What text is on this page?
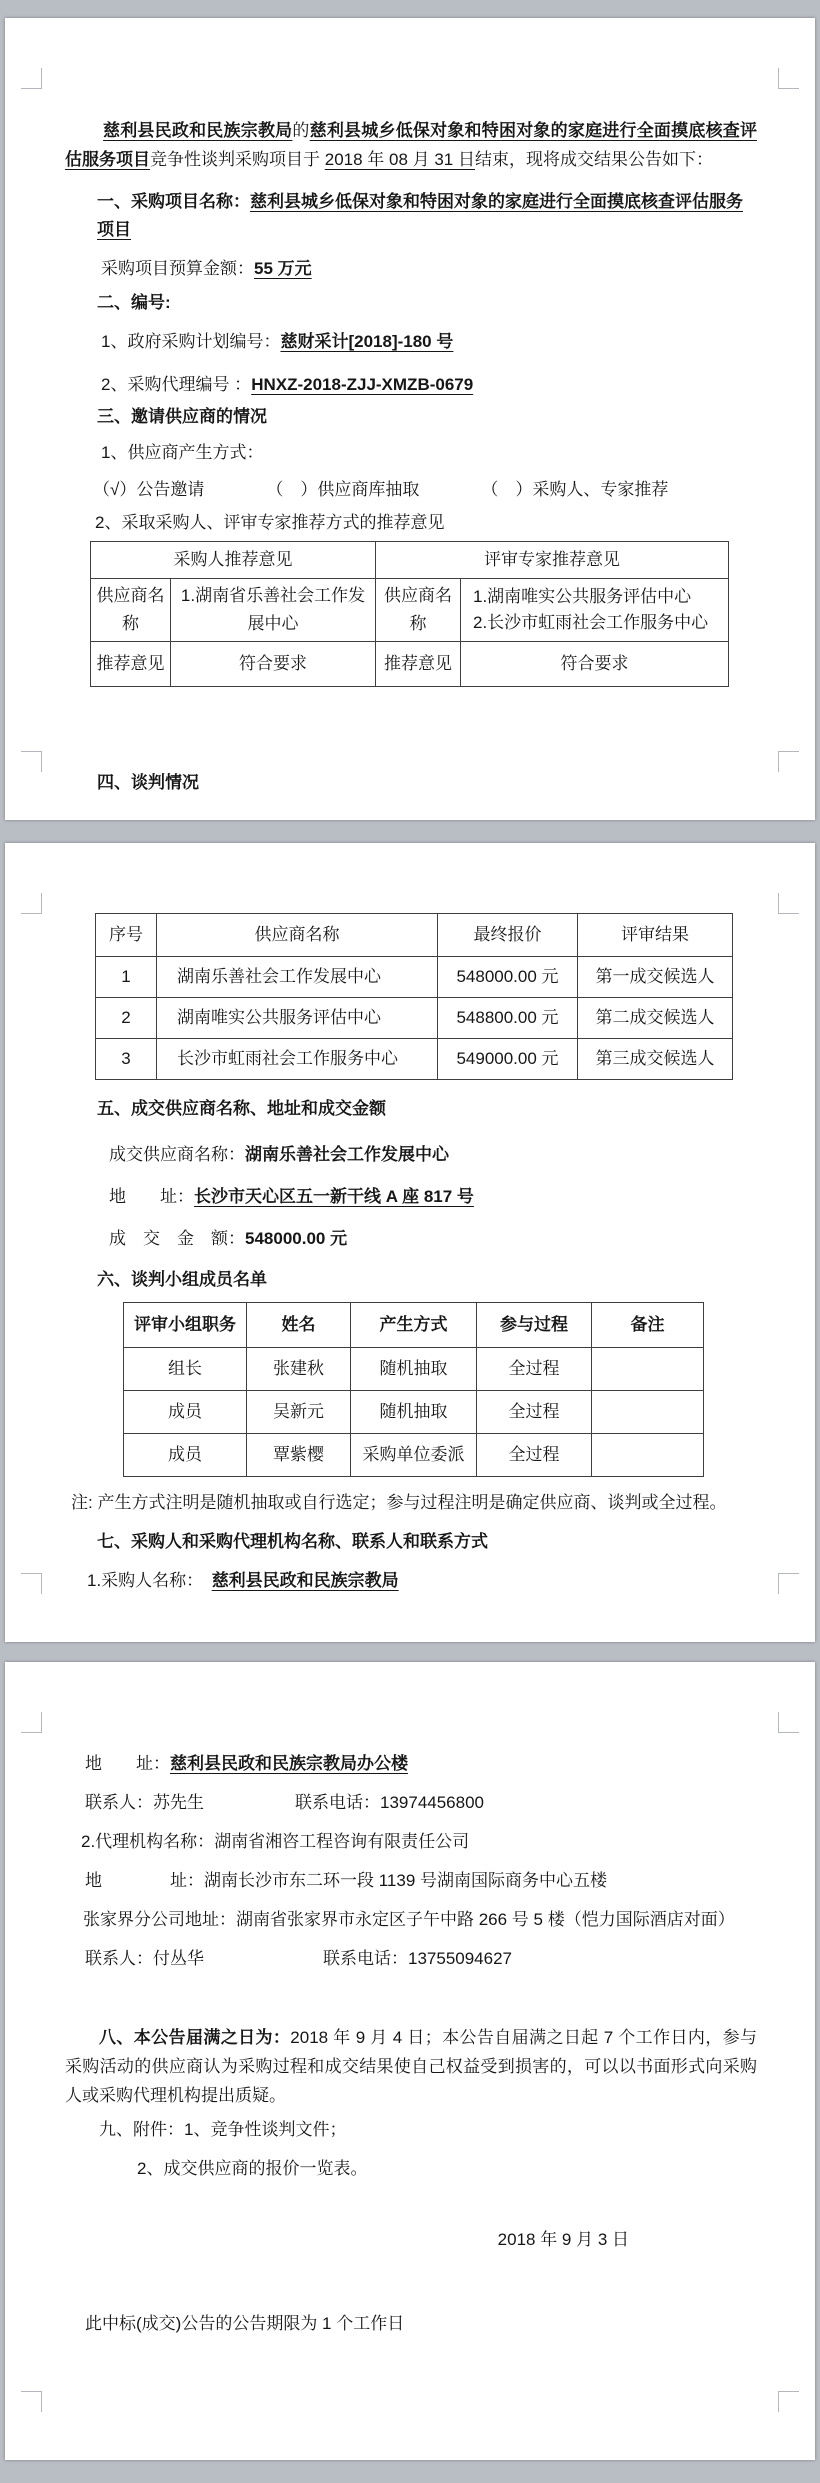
慈利县民政和民族宗教局的慈利县城乡低保对象和特困对象的家庭进行全面摸底核查评估服务项目竞争性谈判采购项目于 2018 年 08 月 31 日结束，现将成交结果公告如下：

一、采购项目名称：慈利县城乡低保对象和特困对象的家庭进行全面摸底核查评估服务项目

采购项目预算金额：55 万元

二、编号:

1、政府采购计划编号：慈财采计[2018]-180 号

2、采购代理编号 ：HNXZ-2018-ZJJ-XMZB-0679

三、邀请供应商的情况

1、供应商产生方式：

（√）公告邀请	（　）供应商库抽取	（　）采购人、专家推荐

2、采取采购人、评审专家推荐方式的推荐意见

采购人推荐意见		评审专家推荐意见	
供应商名称	1.湖南省乐善社会工作发展中心	供应商名称	1.湖南唯实公共服务评估中心
2.长沙市虹雨社会工作服务中心

推荐意见	符合要求	推荐意见	符合要求

四、谈判情况

序号	供应商名称	最终报价	评审结果
1	湖南乐善社会工作发展中心	548000.00 元	第一成交候选人
2	湖南唯实公共服务评估中心	548800.00 元	第二成交候选人
3	长沙市虹雨社会工作服务中心	549000.00 元	第三成交候选人

五、成交供应商名称、地址和成交金额

成交供应商名称：湖南乐善社会工作发展中心

地　　址：长沙市天心区五一新干线 A 座 817 号

成　交　金　额：548000.00 元

六、谈判小组成员名单

评审小组职务	姓名	产生方式	参与过程	备注
组长	张建秋	随机抽取	全过程	
成员	吴新元	随机抽取	全过程	
成员	覃紫樱	采购单位委派	全过程	

注: 产生方式注明是随机抽取或自行选定；参与过程注明是确定供应商、谈判或全过程。

七、采购人和采购代理机构名称、联系人和联系方式

1.采购人名称：　 慈利县民政和民族宗教局

地　　址：慈利县民政和民族宗教局办公楼

联系人：苏先生	联系电话：13974456800

2.代理机构名称：湖南省湘咨工程咨询有限责任公司

地　　　　址：湖南长沙市东二环一段 1139 号湖南国际商务中心五楼

张家界分公司地址：湖南省张家界市永定区子午中路 266 号 5 楼（恺力国际酒店对面）

联系人：付丛华	联系电话：13755094627

八、本公告届满之日为：2018 年 9 月 4 日；本公告自届满之日起 7 个工作日内，参与采购活动的供应商认为采购过程和成交结果使自己权益受到损害的，可以以书面形式向采购人或采购代理机构提出质疑。

九、附件：1、竞争性谈判文件；

2、成交供应商的报价一览表。

2018 年 9 月 3 日

此中标(成交)公告的公告期限为 1 个工作日
